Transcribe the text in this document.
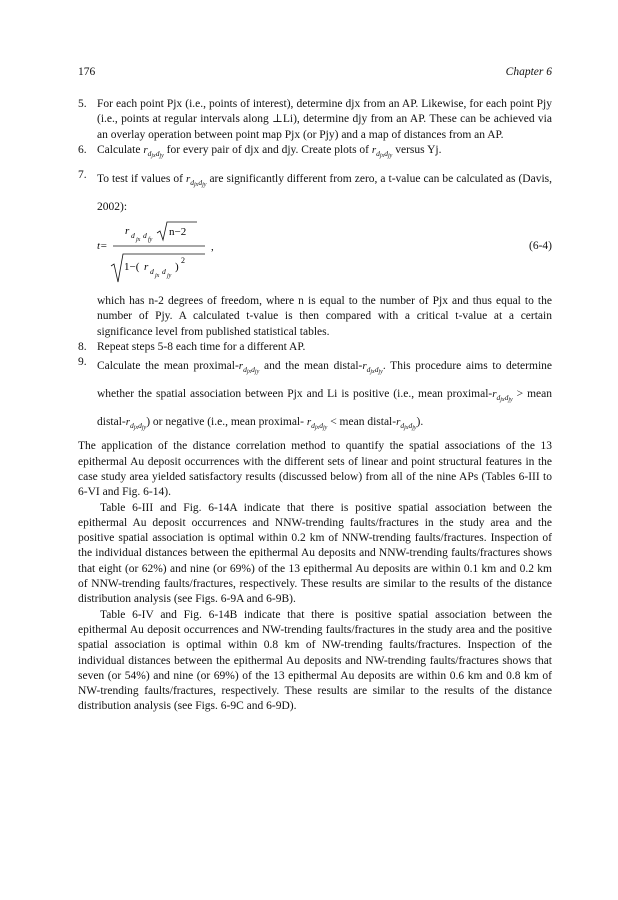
176	Chapter 6
5. For each point Pjx (i.e., points of interest), determine djx from an AP. Likewise, for each point Pjy (i.e., points at regular intervals along ⊥Li), determine djy from an AP. These can be achieved via an overlay operation between point map Pjx (or Pjy) and a map of distances from an AP.
6. Calculate $r_{d_{jx}d_{jy}}$ for every pair of djx and djy. Create plots of $r_{d_{jx}d_{jy}}$ versus Yj.
7. To test if values of $r_{d_{jx}d_{jy}}$ are significantly different from zero, a t-value can be calculated as (Davis, 2002):
t=
r d jx d fy
n−2
,
1−( r d jx d jy
)
2
(6-4)
which has n-2 degrees of freedom, where n is equal to the number of Pjx and thus equal to the number of Pjy. A calculated t-value is then compared with a critical t-value at a certain significance level from published statistical tables.
8. Repeat steps 5-8 each time for a different AP.
9. Calculate the mean proximal-$r_{d_{jx}d_{jy}}$ and the mean distal-$r_{d_{jx}d_{jy}}$. This procedure aims to determine whether the spatial association between Pjx and Li is positive (i.e., mean proximal-$r_{d_{jx}d_{jy}}$ > mean distal-$r_{d_{jx}d_{jy}}$) or negative (i.e., mean proximal- $r_{d_{jx}d_{jy}}$ < mean distal-$r_{d_{jx}d_{jy}}$).

The application of the distance correlation method to quantify the spatial associations of the 13 epithermal Au deposit occurrences with the different sets of linear and point structural features in the case study area yielded satisfactory results (discussed below) from all of the nine APs (Tables 6-III to 6-VI and Fig. 6-14).

Table 6-III and Fig. 6-14A indicate that there is positive spatial association between the epithermal Au deposit occurrences and NNW-trending faults/fractures in the study area and the positive spatial association is optimal within 0.2 km of NNW-trending faults/fractures. Inspection of the individual distances between the epithermal Au deposits and NNW-trending faults/fractures shows that eight (or 62%) and nine (or 69%) of the 13 epithermal Au deposits are within 0.1 km and 0.2 km of NNW-trending faults/fractures, respectively. These results are similar to the results of the distance distribution analysis (see Figs. 6-9A and 6-9B).

Table 6-IV and Fig. 6-14B indicate that there is positive spatial association between the epithermal Au deposit occurrences and NW-trending faults/fractures in the study area and the positive spatial association is optimal within 0.8 km of NW-trending faults/fractures. Inspection of the individual distances between the epithermal Au deposits and NW-trending faults/fractures shows that seven (or 54%) and nine (or 69%) of the 13 epithermal Au deposits are within 0.6 km and 0.8 km of NW-trending faults/fractures, respectively. These results are similar to the results of the distance distribution analysis (see Figs. 6-9C and 6-9D).
